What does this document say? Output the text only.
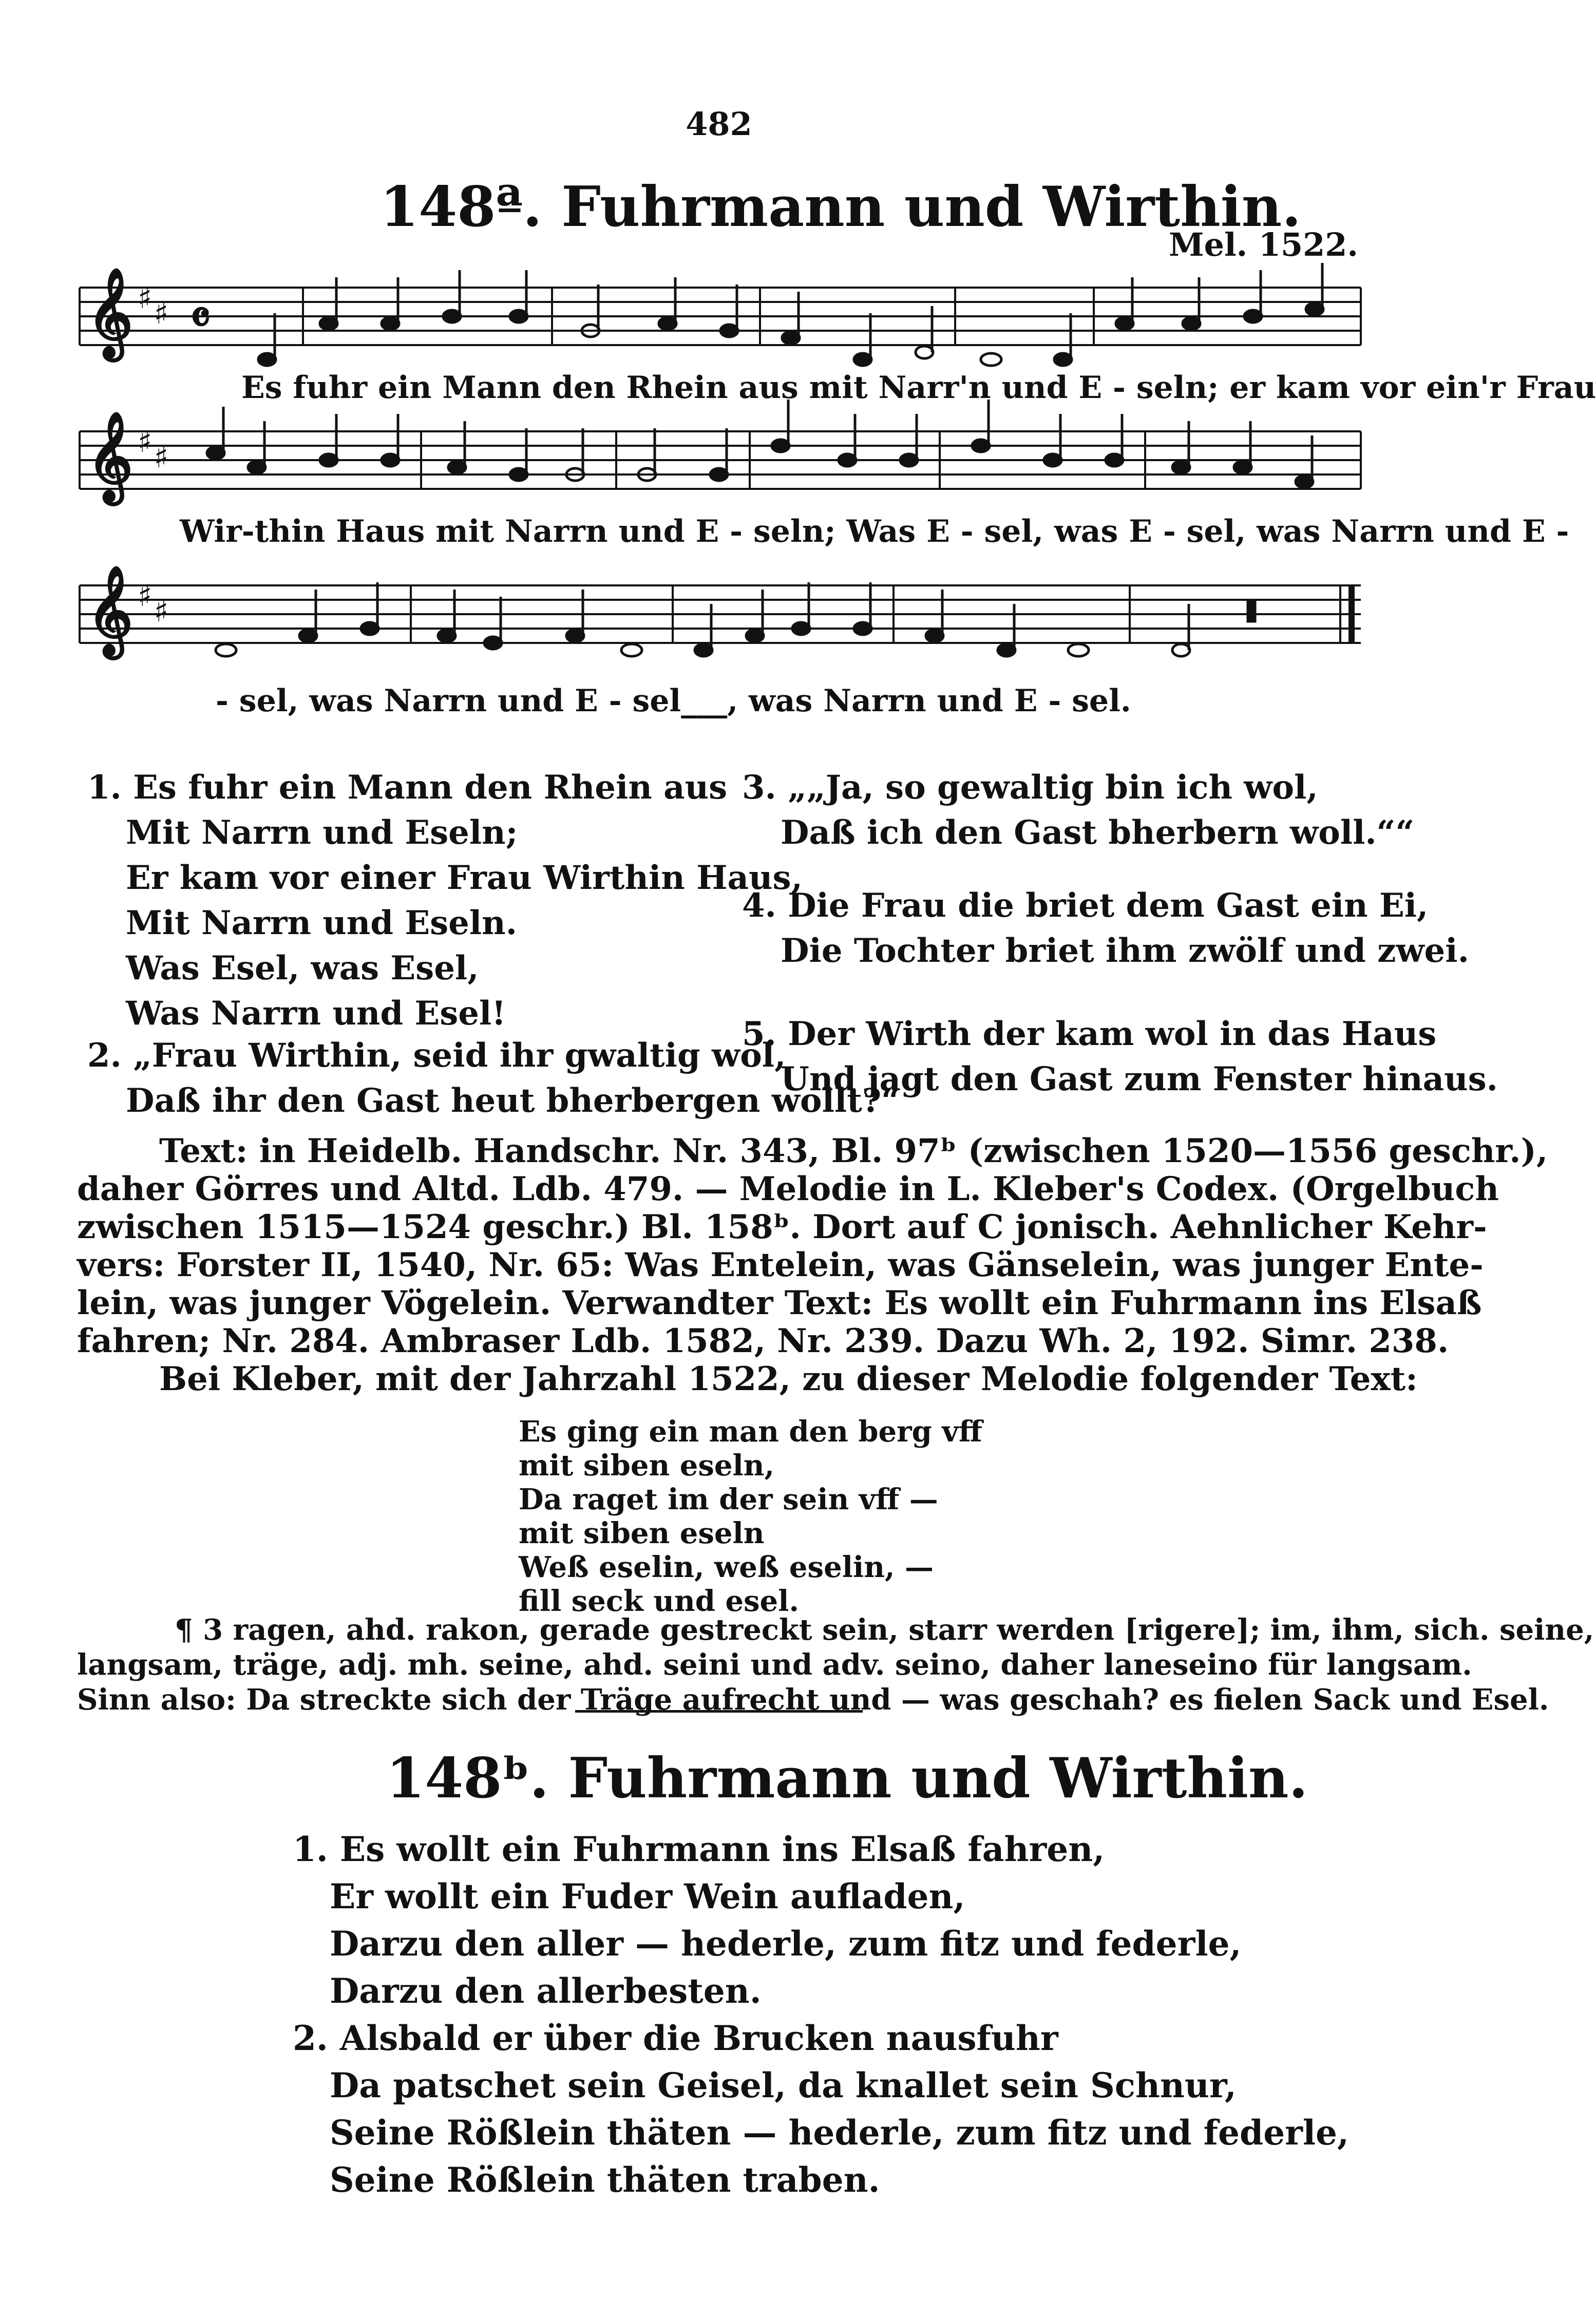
482
148ª. Fuhrmann und Wirthin.
Mel. 1522.
𝄞
𝄞
𝄞
♯ ♯
♯ ♯
♯ ♯
𝄴
Es fuhr ein Mann den Rhein aus mit Narr'n und E - seln; er kam vor ein'r Frau
Wir-thin Haus mit Narrn und E - seln; Was E - sel, was E - sel, was Narrn und E -
- sel, was Narrn und E - sel___, was Narrn und E - sel.
1. Es fuhr ein Mann den Rhein aus
Mit Narrn und Eseln;
Er kam vor einer Frau Wirthin Haus,
Mit Narrn und Eseln.
Was Esel, was Esel,
Was Narrn und Esel!
2. „Frau Wirthin, seid ihr gwaltig wol,
Daß ihr den Gast heut bherbergen wollt?“
3. „„Ja, so gewaltig bin ich wol,
Daß ich den Gast bherbern woll.““
4. Die Frau die briet dem Gast ein Ei,
Die Tochter briet ihm zwölf und zwei.
5. Der Wirth der kam wol in das Haus
Und jagt den Gast zum Fenster hinaus.
Text: in Heidelb. Handschr. Nr. 343, Bl. 97ᵇ (zwischen 1520—1556 geschr.),
daher Görres und Altd. Ldb. 479. — Melodie in L. Kleber's Codex. (Orgelbuch
zwischen 1515—1524 geschr.) Bl. 158ᵇ. Dort auf C jonisch. Aehnlicher Kehr-
vers: Forster II, 1540, Nr. 65: Was Entelein, was Gänselein, was junger Ente-
lein, was junger Vögelein. Verwandter Text: Es wollt ein Fuhrmann ins Elsaß
fahren; Nr. 284. Ambraser Ldb. 1582, Nr. 239. Dazu Wh. 2, 192. Simr. 238.
Bei Kleber, mit der Jahrzahl 1522, zu dieser Melodie folgender Text:
Es ging ein man den berg vff
mit siben eseln,
Da raget im der sein vff —
mit siben eseln
Weß eselin, weß eselin, —
fill seck und esel.
¶ 3 ragen, ahd. rakon, gerade gestreckt sein, starr werden [rigere]; im, ihm, sich. seine,
langsam, träge, adj. mh. seine, ahd. seini und adv. seino, daher laneseino für langsam.
Sinn also: Da streckte sich der Träge aufrecht und — was geschah? es fielen Sack und Esel.
148ᵇ. Fuhrmann und Wirthin.
1. Es wollt ein Fuhrmann ins Elsaß fahren,
Er wollt ein Fuder Wein aufladen,
Darzu den aller — hederle, zum fitz und federle,
Darzu den allerbesten.
2. Alsbald er über die Brucken nausfuhr
Da patschet sein Geisel, da knallet sein Schnur,
Seine Rößlein thäten — hederle, zum fitz und federle,
Seine Rößlein thäten traben.
